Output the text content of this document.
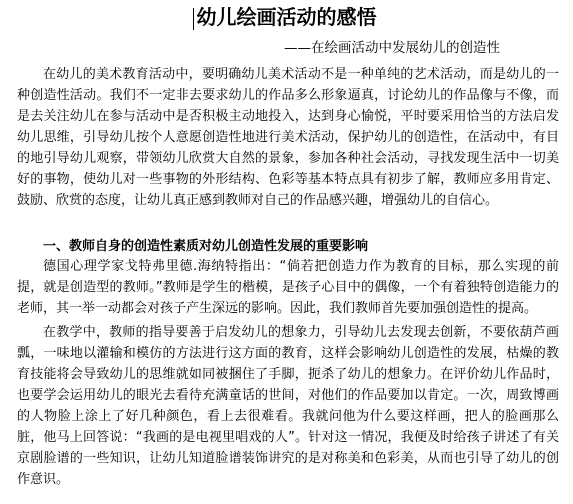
幼儿绘画活动的感悟
——在绘画活动中发展幼儿的创造性

在幼儿的美术教育活动中，要明确幼儿美术活动不是一种单纯的艺术活动，而是幼儿的一种创造性活动。我们不一定非去要求幼儿的作品多么形象逼真，讨论幼儿的作品像与不像，而是去关注幼儿在参与活动中是否积极主动地投入，达到身心愉悦，平时要采用恰当的方法启发幼儿思维，引导幼儿按个人意愿创造性地进行美术活动，保护幼儿的创造性，在活动中，有目的地引导幼儿观察，带领幼儿欣赏大自然的景象，参加各种社会活动，寻找发现生活中一切美好的事物，使幼儿对一些事物的外形结构、色彩等基本特点具有初步了解，教师应多用肯定、鼓励、欣赏的态度，让幼儿真正感到教师对自己的作品感兴趣，增强幼儿的自信心。

一、教师自身的创造性素质对幼儿创造性发展的重要影响

德国心理学家戈特弗里德.海纳特指出：“倘若把创造力作为教育的目标，那么实现的前提，就是创造型的教师。”教师是学生的楷模，是孩子心目中的偶像，一个有着独特创造能力的老师，其一举一动都会对孩子产生深远的影响。因此，我们教师首先要加强创造性的提高。

在教学中，教师的指导要善于启发幼儿的想象力，引导幼儿去发现去创新，不要依葫芦画瓢，一味地以灌输和模仿的方法进行这方面的教育，这样会影响幼儿创造性的发展，枯燥的教育技能将会导致幼儿的思维就如同被捆住了手脚，扼杀了幼儿的想象力。在评价幼儿作品时，也要学会运用幼儿的眼光去看待充满童话的世间，对他们的作品要加以肯定。一次，周致博画的人物脸上涂上了好几种颜色，看上去很难看。我就问他为什么要这样画，把人的脸画那么脏，他马上回答说：“我画的是电视里唱戏的人”。针对这一情况，我便及时给孩子讲述了有关京剧脸谱的一些知识，让幼儿知道脸谱装饰讲究的是对称美和色彩美，从而也引导了幼儿的创作意识。
